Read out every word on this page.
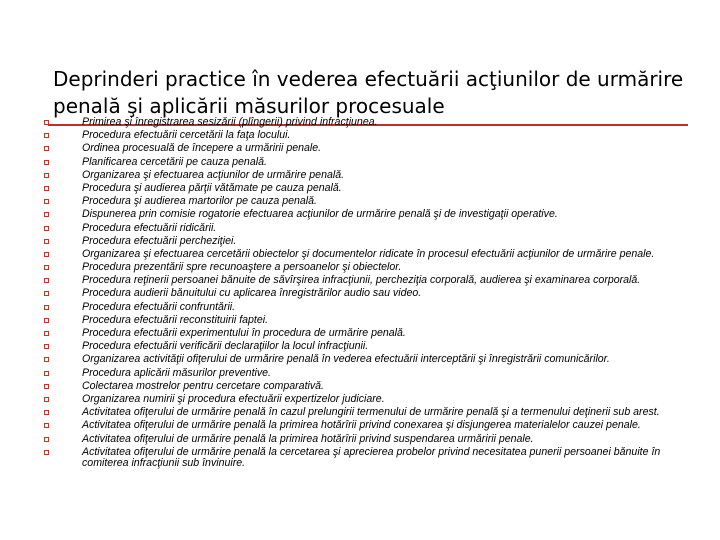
Deprinderi practice în vederea efectuării acţiunilor de urmărire penală şi aplicării măsurilor procesuale
Primirea şi înregistrarea sesizării (plîngerii) privind infracţiunea.
Procedura efectuării cercetării la faţa locului.
Ordinea procesuală de începere a urmăririi penale.
Planificarea cercetării pe cauza penală.
Organizarea şi efectuarea acţiunilor de urmărire penală.
Procedura şi audierea părţii vătămate pe cauza penală.
Procedura şi audierea martorilor pe cauza penală.
Dispunerea prin comisie rogatorie efectuarea acţiunilor de urmărire penală şi de investigaţii operative.
Procedura efectuării ridicării.
Procedura efectuării percheziţiei.
Organizarea şi efectuarea cercetării obiectelor şi documentelor ridicate în procesul efectuării acţiunilor de urmărire penale.
Procedura prezentării spre recunoaştere a persoanelor şi obiectelor.
Procedura reţinerii persoanei bănuite de săvîrşirea infracţiunii, percheziţia corporală, audierea şi examinarea corporală.
Procedura audierii bănuitului cu aplicarea înregistrărilor audio sau video.
Procedura efectuării confruntării.
Procedura efectuării reconstituirii faptei.
Procedura efectuării experimentului în procedura de urmărire penală.
Procedura efectuării verificării declaraţiilor la locul infracţiunii.
Organizarea activităţii ofiţerului de urmărire penală în vederea efectuării interceptării şi înregistrării comunicărilor.
Procedura aplicării măsurilor preventive.
Colectarea mostrelor pentru cercetare comparativă.
Organizarea numirii şi procedura efectuării expertizelor judiciare.
Activitatea ofiţerului de urmărire penală în cazul prelungirii termenului de urmărire penală şi a termenului deţinerii sub arest.
Activitatea ofiţerului de urmărire penală la primirea hotărîrii privind conexarea şi disjungerea materialelor cauzei penale.
Activitatea ofiţerului de urmărire penală la primirea hotărîrii privind suspendarea urmăririi penale.
Activitatea ofiţerului de urmărire penală la cercetarea şi aprecierea probelor privind necesitatea punerii persoanei bănuite în comiterea infracţiunii sub învinuire.
